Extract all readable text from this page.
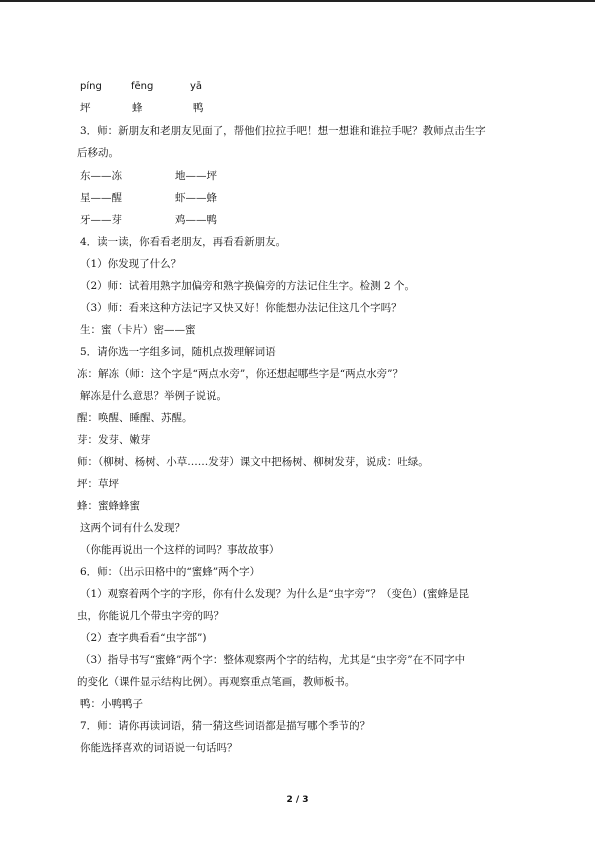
píng	fēng	yā
坪	蜂	鸭
3．师：新朋友和老朋友见面了，帮他们拉拉手吧！想一想谁和谁拉手呢？教师点击生字
后移动。
东——冻	地——坪
星——醒	虾——蜂
牙——芽	鸡——鸭
4．读一读，你看看老朋友，再看看新朋友。
（1）你发现了什么？
（2）师：试着用熟字加偏旁和熟字换偏旁的方法记住生字。检测 2 个。
（3）师：看来这种方法记字又快又好！你能想办法记住这几个字吗？
生：蜜（卡片）密——蜜
5．请你选一字组多词，随机点拨理解词语
冻：解冻（师：这个字是“两点水旁”，你还想起哪些字是“两点水旁”？
解冻是什么意思？举例子说说。
醒：唤醒、睡醒、苏醒。
芽：发芽、嫩芽
师：（柳树、杨树、小草……发芽）课文中把杨树、柳树发芽，说成：吐绿。
坪：草坪
蜂：蜜蜂蜂蜜
这两个词有什么发现？
（你能再说出一个这样的词吗？事故故事）
6．师：（出示田格中的“蜜蜂”两个字）
（1）观察着两个字的字形，你有什么发现？为什么是“虫字旁”？（变色）(蜜蜂是昆
虫，你能说几个带虫字旁的吗？
（2）查字典看看“虫字部”)
（3）指导书写“蜜蜂”两个字：整体观察两个字的结构，尤其是“虫字旁”在不同字中
的变化（课件显示结构比例）。再观察重点笔画，教师板书。
鸭：小鸭鸭子
7．师：请你再读词语，猜一猜这些词语都是描写哪个季节的？
你能选择喜欢的词语说一句话吗？
2 / 3
